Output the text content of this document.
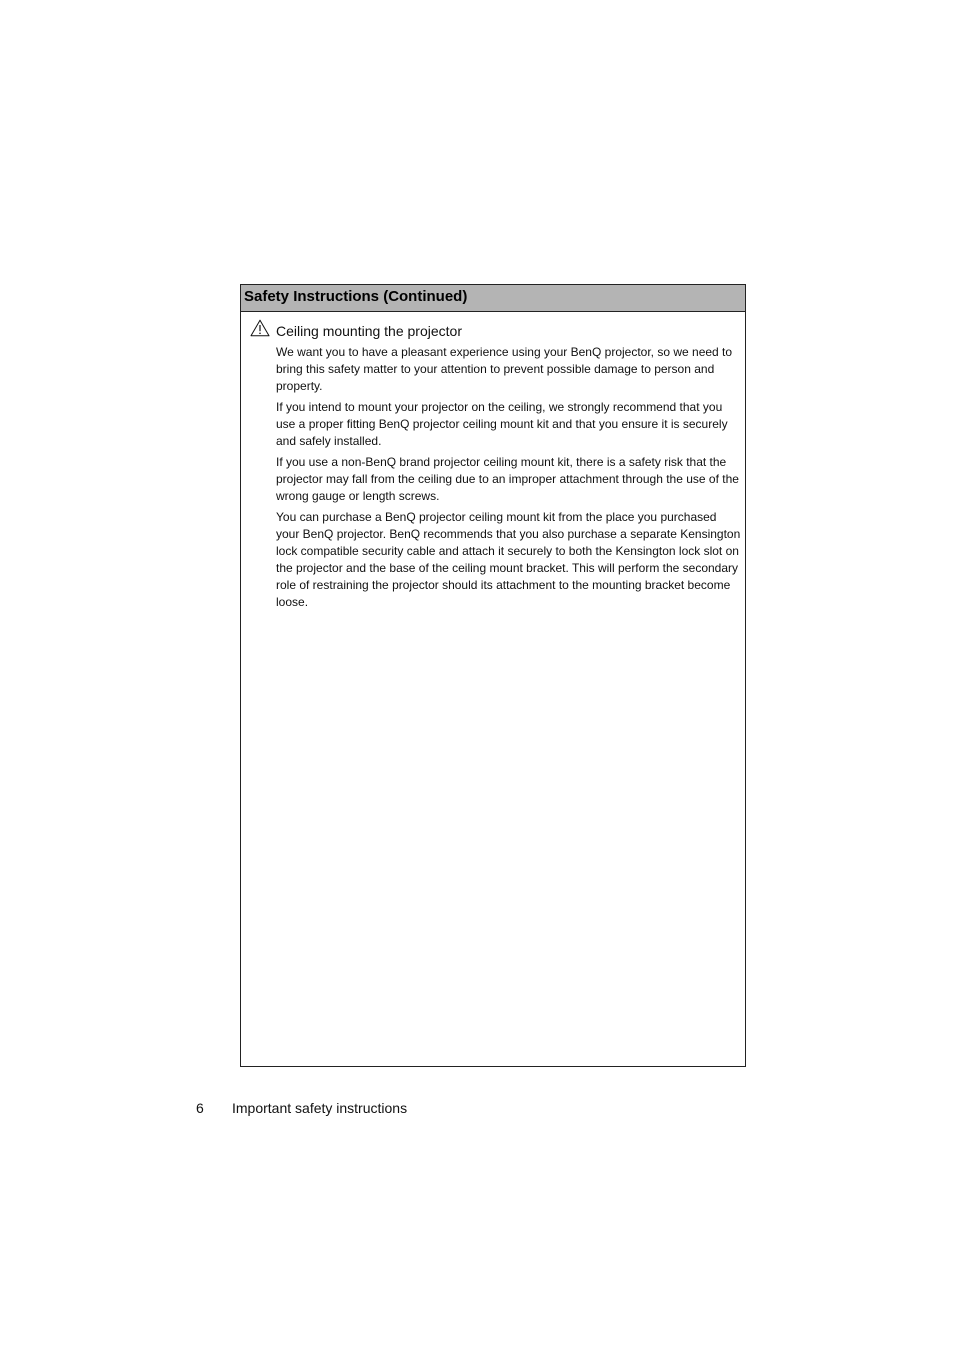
Safety Instructions (Continued)
Ceiling mounting the projector

We want you to have a pleasant experience using your BenQ projector, so we need to bring this safety matter to your attention to prevent possible damage to person and property.

If you intend to mount your projector on the ceiling, we strongly recommend that you use a proper fitting BenQ projector ceiling mount kit and that you ensure it is securely and safely installed.

If you use a non-BenQ brand projector ceiling mount kit, there is a safety risk that the projector may fall from the ceiling due to an improper attachment through the use of the wrong gauge or length screws.

You can purchase a BenQ projector ceiling mount kit from the place you purchased your BenQ projector. BenQ recommends that you also purchase a separate Kensington lock compatible security cable and attach it securely to both the Kensington lock slot on the projector and the base of the ceiling mount bracket. This will perform the secondary role of restraining the projector should its attachment to the mounting bracket become loose.

6 Important safety instructions
